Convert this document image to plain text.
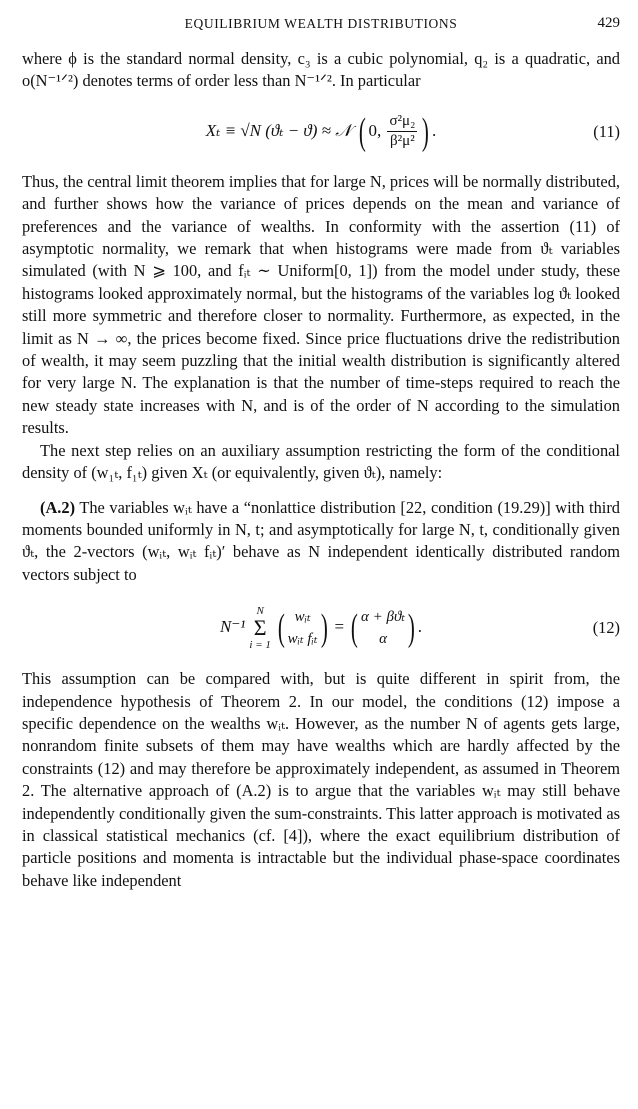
EQUILIBRIUM WEALTH DISTRIBUTIONS	429

where ϕ is the standard normal density, c₃ is a cubic polynomial, q₂ is a quadratic, and o(N⁻¹ᐟ²) denotes terms of order less than N⁻¹ᐟ². In particular

Xₜ ≡ √N (ϑₜ − ϑ) ≈ 𝒩 ( 0, $\frac{\text{σ²μ₂}}{\text{β²μ²}}$ ) .	(11)

Thus, the central limit theorem implies that for large N, prices will be normally distributed, and further shows how the variance of prices depends on the mean and variance of preferences and the variance of wealths. In conformity with the assertion (11) of asymptotic normality, we remark that when histograms were made from ϑₜ variables simulated (with N ⩾ 100, and fᵢₜ ∼ Uniform[0, 1]) from the model under study, these histograms looked approximately normal, but the histograms of the variables log ϑₜ looked still more symmetric and therefore closer to normality. Furthermore, as expected, in the limit as N → ∞, the prices become fixed. Since price fluctuations drive the redistribution of wealth, it may seem puzzling that the initial wealth distribution is significantly altered for very large N. The explanation is that the number of time-steps required to reach the new steady state increases with N, and is of the order of N according to the simulation results.

The next step relies on an auxiliary assumption restricting the form of the conditional density of (w₁ₜ, f₁ₜ) given Xₜ (or equivalently, given ϑₜ), namely:

(A.2) The variables wᵢₜ have a “nonlattice distribution [22, condition (19.29)] with third moments bounded uniformly in N, t; and asymptotically for large N, t, conditionally given ϑₜ, the 2-vectors (wᵢₜ, wᵢₜ fᵢₜ)′ behave as N independent identically distributed random vectors subject to

N⁻¹
N
Σ
i = 1 ( wᵢₜ
wᵢₜ fᵢₜ ) = ( α + βϑₜ
α ) .	(12)

This assumption can be compared with, but is quite different in spirit from, the independence hypothesis of Theorem 2. In our model, the conditions (12) impose a specific dependence on the wealths wᵢₜ. However, as the number N of agents gets large, nonrandom finite subsets of them may have wealths which are hardly affected by the constraints (12) and may therefore be approximately independent, as assumed in Theorem 2. The alternative approach of (A.2) is to argue that the variables wᵢₜ may still behave independently conditionally given the sum-constraints. This latter approach is motivated as in classical statistical mechanics (cf. [4]), where the exact equilibrium distribution of particle positions and momenta is intractable but the individual phase-space coordinates behave like independent
